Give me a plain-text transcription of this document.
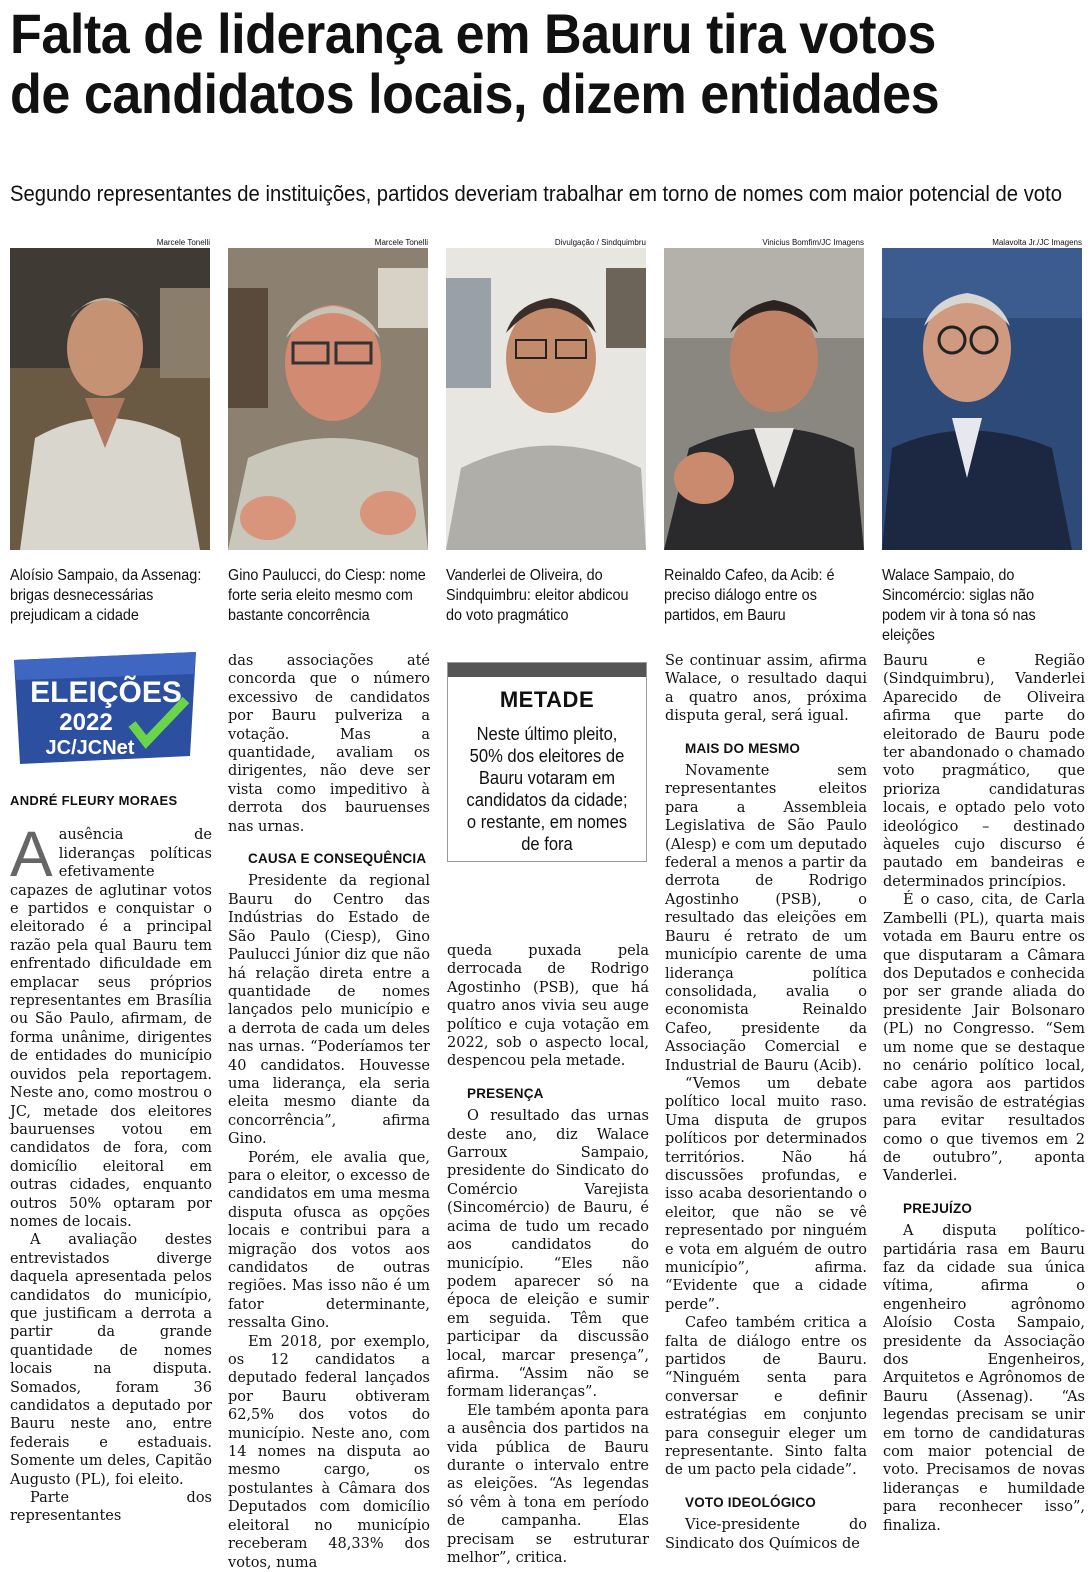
Falta de liderança em Bauru tira votos
de candidatos locais, dizem entidades
Segundo representantes de instituições, partidos deveriam trabalhar em torno de nomes com maior potencial de voto
Marcele Tonelli
Aloísio Sampaio, da Assenag: brigas desnecessárias prejudicam a cidade
Marcele Tonelli
Gino Paulucci, do Ciesp: nome forte seria eleito mesmo com bastante concorrência
Divulgação / Sindquimbru
Vanderlei de Oliveira, do Sindquimbru: eleitor abdicou do voto pragmático
Vinicius Bomfim/JC Imagens
Reinaldo Cafeo, da Acib: é preciso diálogo entre os partidos, em Bauru
Malavolta Jr./JC Imagens
Walace Sampaio, do Sincomércio: siglas não podem vir à tona só nas eleições
ELEIÇÕES
2022
JC/JCNet
METADE

Neste último pleito, 50% dos eleitores de Bauru votaram em candidatos da cidade; o restante, em nomes de fora

ANDRÉ FLEURY MORAES

Aausência de lideranças políticas efetivamente capazes de aglutinar votos e partidos e conquistar o eleitorado é a principal razão pela qual Bauru tem enfrentado dificuldade em emplacar seus próprios representantes em Brasília ou São Paulo, afirmam, de forma unânime, dirigentes de entidades do município ouvidos pela reportagem. Neste ano, como mostrou o JC, metade dos eleitores bauruenses votou em candidatos de fora, com domicílio eleitoral em outras cidades, enquanto outros 50% optaram por nomes de locais.

A avaliação destes entrevistados diverge daquela apresentada pelos candidatos do município, que justificam a derrota a partir da grande quantidade de nomes locais na disputa. Somados, foram 36 candidatos a deputado por Bauru neste ano, entre federais e estaduais. Somente um deles, Capitão Augusto (PL), foi eleito.

Parte dos representantes

das associações até concorda que o número excessivo de candidatos por Bauru pulveriza a votação. Mas a quantidade, avaliam os dirigentes, não deve ser vista como impeditivo à derrota dos bauruenses nas urnas.

CAUSA E CONSEQUÊNCIA

Presidente da regional Bauru do Centro das Indústrias do Estado de São Paulo (Ciesp), Gino Paulucci Júnior diz que não há relação direta entre a quantidade de nomes lançados pelo município e a derrota de cada um deles nas urnas. “Poderíamos ter 40 candidatos. Houvesse uma liderança, ela seria eleita mesmo diante da concorrência”, afirma Gino.

Porém, ele avalia que, para o eleitor, o excesso de candidatos em uma mesma disputa ofusca as opções locais e contribui para a migração dos votos aos candidatos de outras regiões. Mas isso não é um fator determinante, ressalta Gino.

Em 2018, por exemplo, os 12 candidatos a deputado federal lançados por Bauru obtiveram 62,5% dos votos do município. Neste ano, com 14 nomes na disputa ao mesmo cargo, os postulantes à Câmara dos Deputados com domicílio eleitoral no município receberam 48,33% dos votos, numa

queda puxada pela derrocada de Rodrigo Agostinho (PSB), que há quatro anos vivia seu auge político e cuja votação em 2022, sob o aspecto local, despencou pela metade.

PRESENÇA

O resultado das urnas deste ano, diz Walace Garroux Sampaio, presidente do Sindicato do Comércio Varejista (Sincomércio) de Bauru, é acima de tudo um recado aos candidatos do município. “Eles não podem aparecer só na época de eleição e sumir em seguida. Têm que participar da discussão local, marcar presença”, afirma. “Assim não se formam lideranças”.

Ele também aponta para a ausência dos partidos na vida pública de Bauru durante o intervalo entre as eleições. “As legendas só vêm à tona em período de campanha. Elas precisam se estruturar melhor”, critica.

Se continuar assim, afirma Walace, o resultado daqui a quatro anos, próxima disputa geral, será igual.

MAIS DO MESMO

Novamente sem representantes eleitos para a Assembleia Legislativa de São Paulo (Alesp) e com um deputado federal a menos a partir da derrota de Rodrigo Agostinho (PSB), o resultado das eleições em Bauru é retrato de um município carente de uma liderança política consolidada, avalia o economista Reinaldo Cafeo, presidente da Associação Comercial e Industrial de Bauru (Acib).

“Vemos um debate político local muito raso. Uma disputa de grupos políticos por determinados territórios. Não há discussões profundas, e isso acaba desorientando o eleitor, que não se vê representado por ninguém e vota em alguém de outro município”, afirma. “Evidente que a cidade perde”.

Cafeo também critica a falta de diálogo entre os partidos de Bauru. “Ninguém senta para conversar e definir estratégias em conjunto para conseguir eleger um representante. Sinto falta de um pacto pela cidade”.

VOTO IDEOLÓGICO

Vice-presidente do Sindicato dos Químicos de

Bauru e Região (Sindquimbru), Vanderlei Aparecido de Oliveira afirma que parte do eleitorado de Bauru pode ter abandonado o chamado voto pragmático, que prioriza candidaturas locais, e optado pelo voto ideológico – destinado àqueles cujo discurso é pautado em bandeiras e determinados princípios.

É o caso, cita, de Carla Zambelli (PL), quarta mais votada em Bauru entre os que disputaram a Câmara dos Deputados e conhecida por ser grande aliada do presidente Jair Bolsonaro (PL) no Congresso. “Sem um nome que se destaque no cenário político local, cabe agora aos partidos uma revisão de estratégias para evitar resultados como o que tivemos em 2 de outubro”, aponta Vanderlei.

PREJUÍZO

A disputa político-partidária rasa em Bauru faz da cidade sua única vítima, afirma o engenheiro agrônomo Aloísio Costa Sampaio, presidente da Associação dos Engenheiros, Arquitetos e Agrônomos de Bauru (Assenag). “As legendas precisam se unir em torno de candidaturas com maior potencial de voto. Precisamos de novas lideranças e humildade para reconhecer isso”, finaliza.
